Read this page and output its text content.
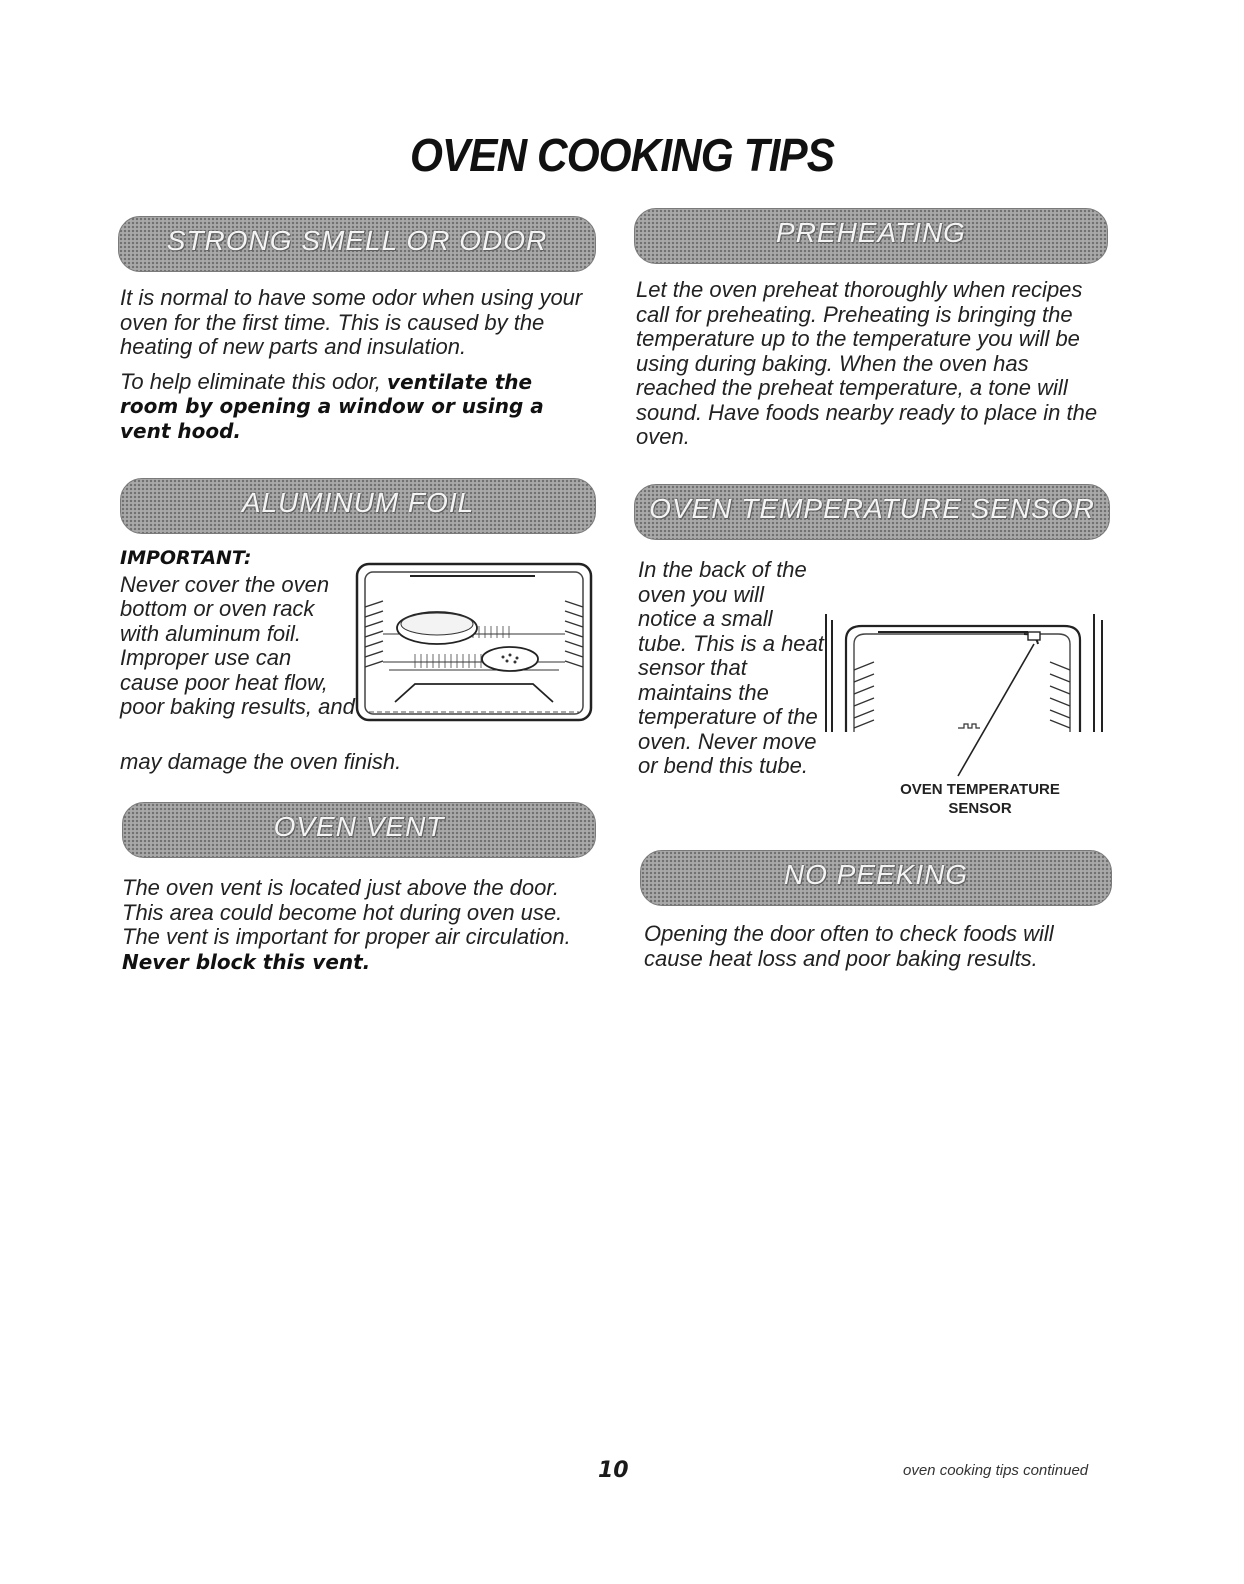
OVEN COOKING TIPS
STRONG SMELL OR ODOR

It is normal to have some odor when using your oven for the first time. This is caused by the heating of new parts and insulation.

To help eliminate this odor, ventilate the room by opening a window or using a vent hood.

ALUMINUM FOIL
IMPORTANT:
Never cover the oven bottom or oven rack with aluminum foil. Improper use can cause poor heat flow, poor baking results, and
may damage the oven finish.
OVEN VENT
The oven vent is located just above the door. This area could become hot during oven use. The vent is important for proper air circulation.
Never block this vent.
PREHEATING
Let the oven preheat thoroughly when recipes call for preheating. Preheating is bringing the temperature up to the temperature you will be using during baking. When the oven has reached the preheat temperature, a tone will sound. Have foods nearby ready to place in the oven.
OVEN TEMPERATURE SENSOR
In the back of the oven you will notice a small tube. This is a heat sensor that maintains the temperature of the oven. Never move or bend this tube.
OVEN TEMPERATURE
SENSOR
NO PEEKING
Opening the door often to check foods will cause heat loss and poor baking results.
10	oven cooking tips continued
